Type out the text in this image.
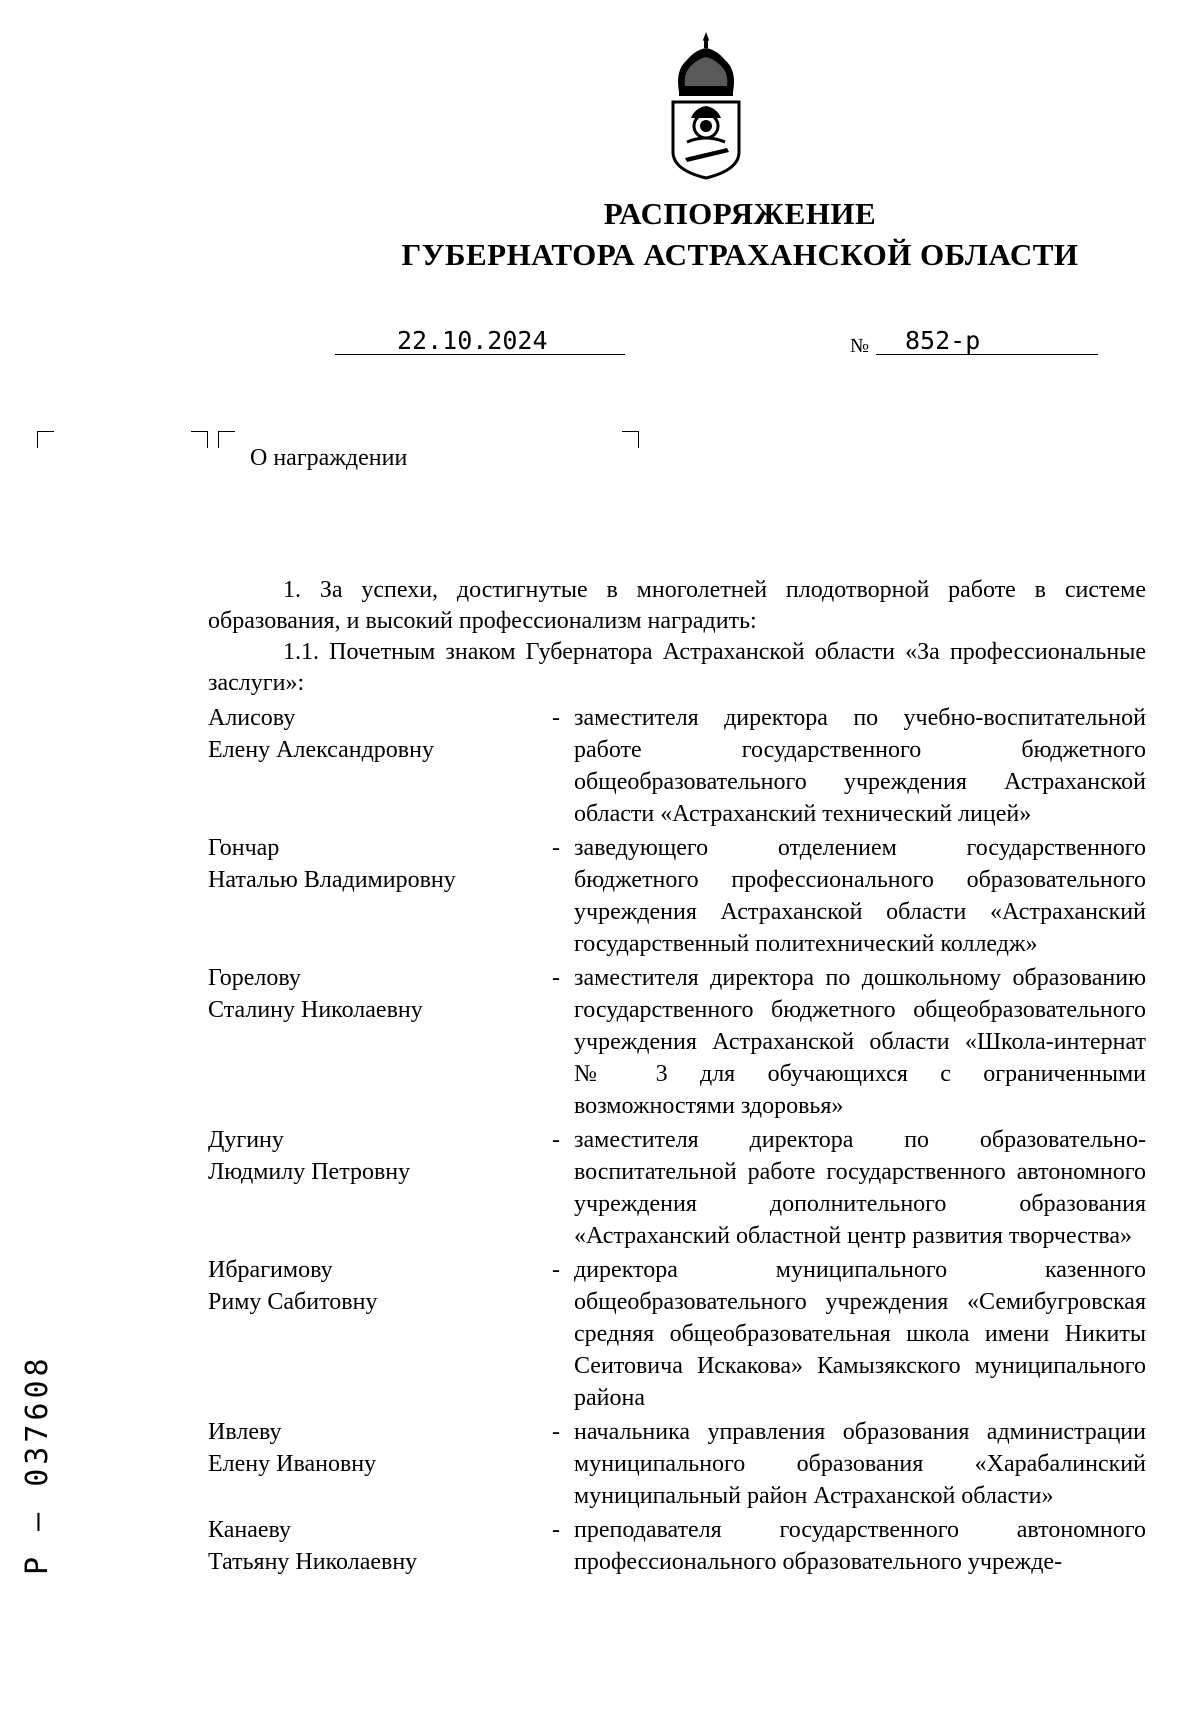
РАСПОРЯЖЕНИЕ
ГУБЕРНАТОРА АСТРАХАНСКОЙ ОБЛАСТИ
22.10.2024	№ 852-р
О награждении
1. За успехи, достигнутые в многолетней плодотворной работе в системе образования, и высокий профессионализм наградить:
1.1. Почетным знаком Губернатора Астраханской области «За профессиональные заслуги»:
Алисову
Елену Александровну
- заместителя директора по учебно-воспитательной работе государственного бюджетного общеобразовательного учреждения Астраханской области «Астраханский технический лицей»
Гончар
Наталью Владимировну
- заведующего отделением государственного бюджетного профессионального образовательного учреждения Астраханской области «Астраханский государственный политехнический колледж»
Горелову
Сталину Николаевну
- заместителя директора по дошкольному образованию государственного бюджетного общеобразовательного учреждения Астраханской области «Школа-интернат № 3 для обучающихся с ограниченными возможностями здоровья»
Дугину
Людмилу Петровну
- заместителя директора по образовательно-воспитательной работе государственного автономного учреждения дополнительного образования «Астраханский областной центр развития творчества»
Ибрагимову
Риму Сабитовну
- директора муниципального казенного общеобразовательного учреждения «Семибугровская средняя общеобразовательная школа имени Никиты Сеитовича Искакова» Камызякского муниципального района
Ивлеву
Елену Ивановну
- начальника управления образования администрации муниципального образования «Харабалинский муниципальный район Астраханской области»
Канаеву
Татьяну Николаевну
- преподавателя государственного автономного профессионального образовательного учрежде-
Р – 037608
